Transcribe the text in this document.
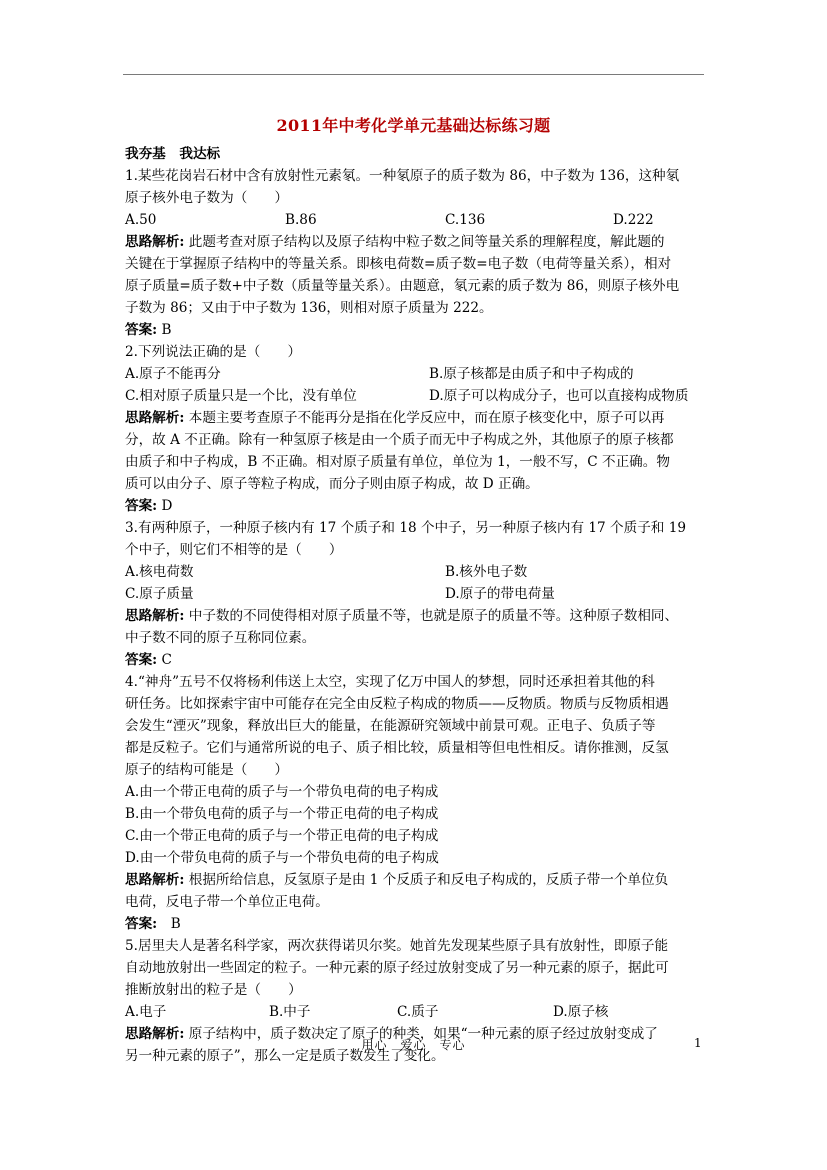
2011年中考化学单元基础达标练习题
我夯基　我达标
1.某些花岗岩石材中含有放射性元素氡。一种氡原子的质子数为 86，中子数为 136，这种氡
原子核外电子数为（　　）
A.50	B.86	C.136	D.222
思路解析: 此题考查对原子结构以及原子结构中粒子数之间等量关系的理解程度，解此题的
关键在于掌握原子结构中的等量关系。即核电荷数=质子数=电子数（电荷等量关系），相对
原子质量=质子数+中子数（质量等量关系）。由题意，氡元素的质子数为 86，则原子核外电
子数为 86；又由于中子数为 136，则相对原子质量为 222。
答案: B
2.下列说法正确的是（　　）
A.原子不能再分	B.原子核都是由质子和中子构成的
C.相对原子质量只是一个比，没有单位	D.原子可以构成分子，也可以直接构成物质
思路解析: 本题主要考查原子不能再分是指在化学反应中，而在原子核变化中，原子可以再
分，故 A 不正确。除有一种氢原子核是由一个质子而无中子构成之外，其他原子的原子核都
由质子和中子构成，B 不正确。相对原子质量有单位，单位为 1，一般不写，C 不正确。物
质可以由分子、原子等粒子构成，而分子则由原子构成，故 D 正确。
答案: D
3.有两种原子，一种原子核内有 17 个质子和 18 个中子，另一种原子核内有 17 个质子和 19
个中子，则它们不相等的是（　　）
A.核电荷数	B.核外电子数
C.原子质量	D.原子的带电荷量
思路解析: 中子数的不同使得相对原子质量不等，也就是原子的质量不等。这种原子数相同、
中子数不同的原子互称同位素。
答案: C
4.“神舟”五号不仅将杨利伟送上太空，实现了亿万中国人的梦想，同时还承担着其他的科
研任务。比如探索宇宙中可能存在完全由反粒子构成的物质——反物质。物质与反物质相遇
会发生“湮灭”现象，释放出巨大的能量，在能源研究领域中前景可观。正电子、负质子等
都是反粒子。它们与通常所说的电子、质子相比较，质量相等但电性相反。请你推测，反氢
原子的结构可能是（　　）
A.由一个带正电荷的质子与一个带负电荷的电子构成
B.由一个带负电荷的质子与一个带正电荷的电子构成
C.由一个带正电荷的质子与一个带正电荷的电子构成
D.由一个带负电荷的质子与一个带负电荷的电子构成
思路解析: 根据所给信息，反氢原子是由 1 个反质子和反电子构成的，反质子带一个单位负
电荷，反电子带一个单位正电荷。
答案:　B
5.居里夫人是著名科学家，两次获得诺贝尔奖。她首先发现某些原子具有放射性，即原子能
自动地放射出一些固定的粒子。一种元素的原子经过放射变成了另一种元素的原子，据此可
推断放射出的粒子是（　　）
A.电子	B.中子	C.质子	D.原子核
思路解析: 原子结构中，质子数决定了原子的种类，如果“一种元素的原子经过放射变成了
另一种元素的原子”，那么一定是质子数发生了变化。
用心　爱心　专心	1
